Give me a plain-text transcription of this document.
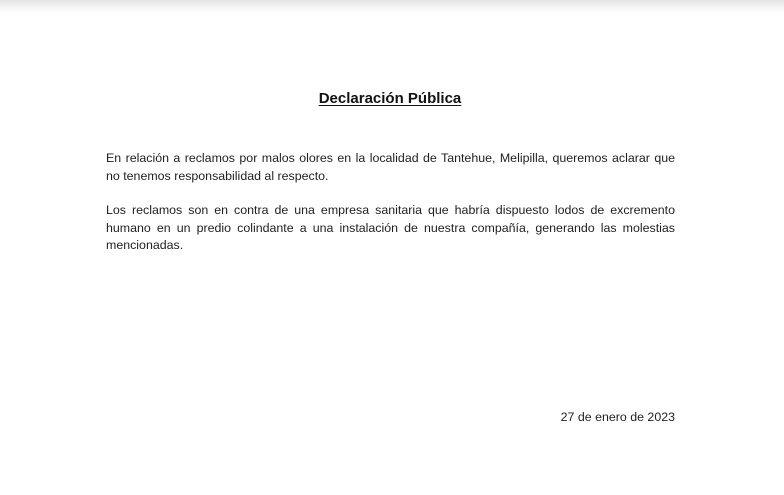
Declaración Pública
En relación a reclamos por malos olores en la localidad de Tantehue, Melipilla, queremos aclarar que no tenemos responsabilidad al respecto.
Los reclamos son en contra de una empresa sanitaria que habría dispuesto lodos de excremento humano en un predio colindante a una instalación de nuestra compañía, generando las molestias mencionadas.
27 de enero de 2023
